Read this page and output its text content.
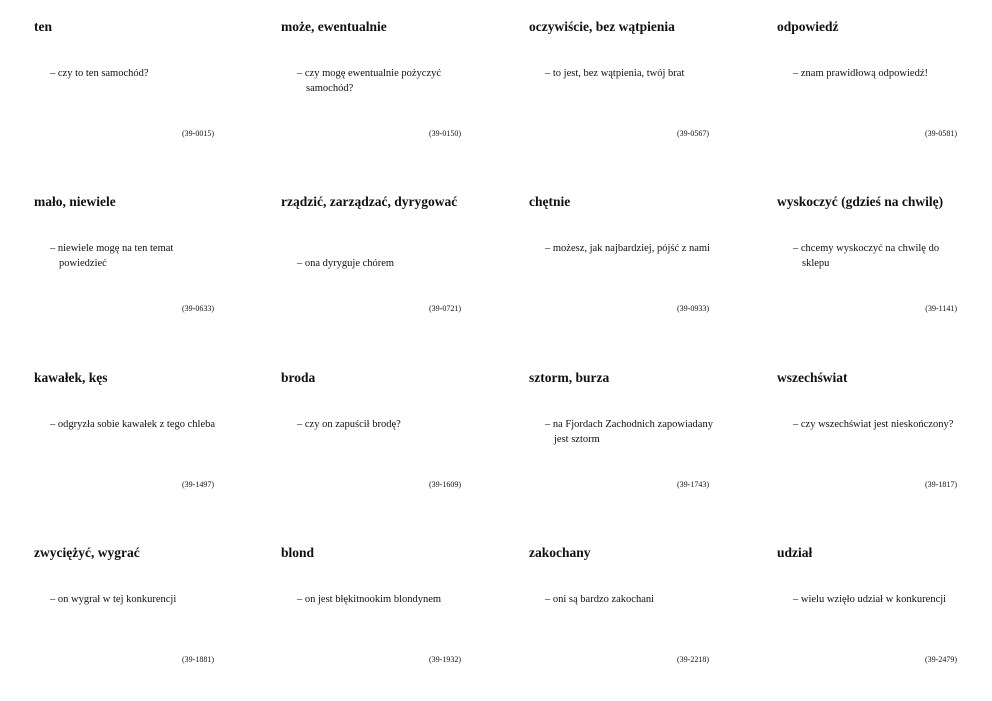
ten
– czy to ten samochód?
(39-0015)
może, ewentualnie
– czy mogę ewentualnie pożyczyć samochód?
(39-0150)
oczywiście, bez wątpienia
– to jest, bez wątpienia, twój brat
(39-0567)
odpowiedź
– znam prawidłową odpowiedź!
(39-0581)
mało, niewiele
– niewiele mogę na ten temat powiedzieć
(39-0633)
rządzić, zarządzać, dyrygować
– ona dyryguje chórem
(39-0721)
chętnie
– możesz, jak najbardziej, pójść z nami
(39-0933)
wyskoczyć (gdzieś na chwilę)
– chcemy wyskoczyć na chwilę do sklepu
(39-1141)
kawałek, kęs
– odgryzła sobie kawałek z tego chleba
(39-1497)
broda
– czy on zapuścił brodę?
(39-1609)
sztorm, burza
– na Fjordach Zachodnich zapowiadany jest sztorm
(39-1743)
wszechświat
– czy wszechświat jest nieskończony?
(39-1817)
zwyciężyć, wygrać
– on wygrał w tej konkurencji
(39-1881)
blond
– on jest błękitnookim blondynem
(39-1932)
zakochany
– oni są bardzo zakochani
(39-2218)
udział
– wielu wzięło udział w konkurencji
(39-2479)
